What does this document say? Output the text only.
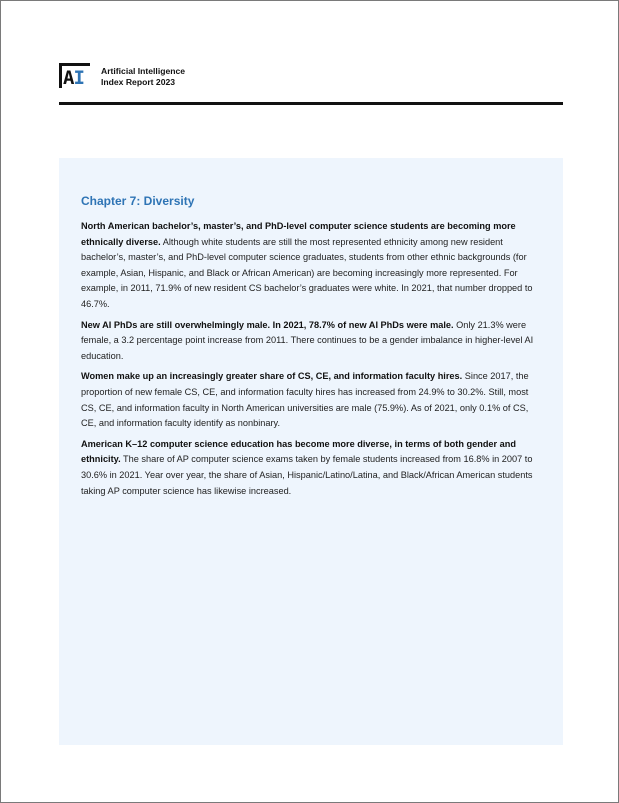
AI Artificial Intelligence
Index Report 2023
Chapter 7: Diversity

North American bachelor’s, master’s, and PhD-level computer science students are becoming more ethnically diverse. Although white students are still the most represented ethnicity among new resident bachelor’s, master’s, and PhD-level computer science graduates, students from other ethnic backgrounds (for example, Asian, Hispanic, and Black or African American) are becoming increasingly more represented. For example, in 2011, 71.9% of new resident CS bachelor’s graduates were white. In 2021, that number dropped to 46.7%.

New AI PhDs are still overwhelmingly male. In 2021, 78.7% of new AI PhDs were male. Only 21.3% were female, a 3.2 percentage point increase from 2011. There continues to be a gender imbalance in higher-level AI education.

Women make up an increasingly greater share of CS, CE, and information faculty hires. Since 2017, the proportion of new female CS, CE, and information faculty hires has increased from 24.9% to 30.2%. Still, most CS, CE, and information faculty in North American universities are male (75.9%). As of 2021, only 0.1% of CS, CE, and information faculty identify as nonbinary.

American K–12 computer science education has become more diverse, in terms of both gender and ethnicity. The share of AP computer science exams taken by female students increased from 16.8% in 2007 to 30.6% in 2021. Year over year, the share of Asian, Hispanic/Latino/Latina, and Black/African American students taking AP computer science has likewise increased.
